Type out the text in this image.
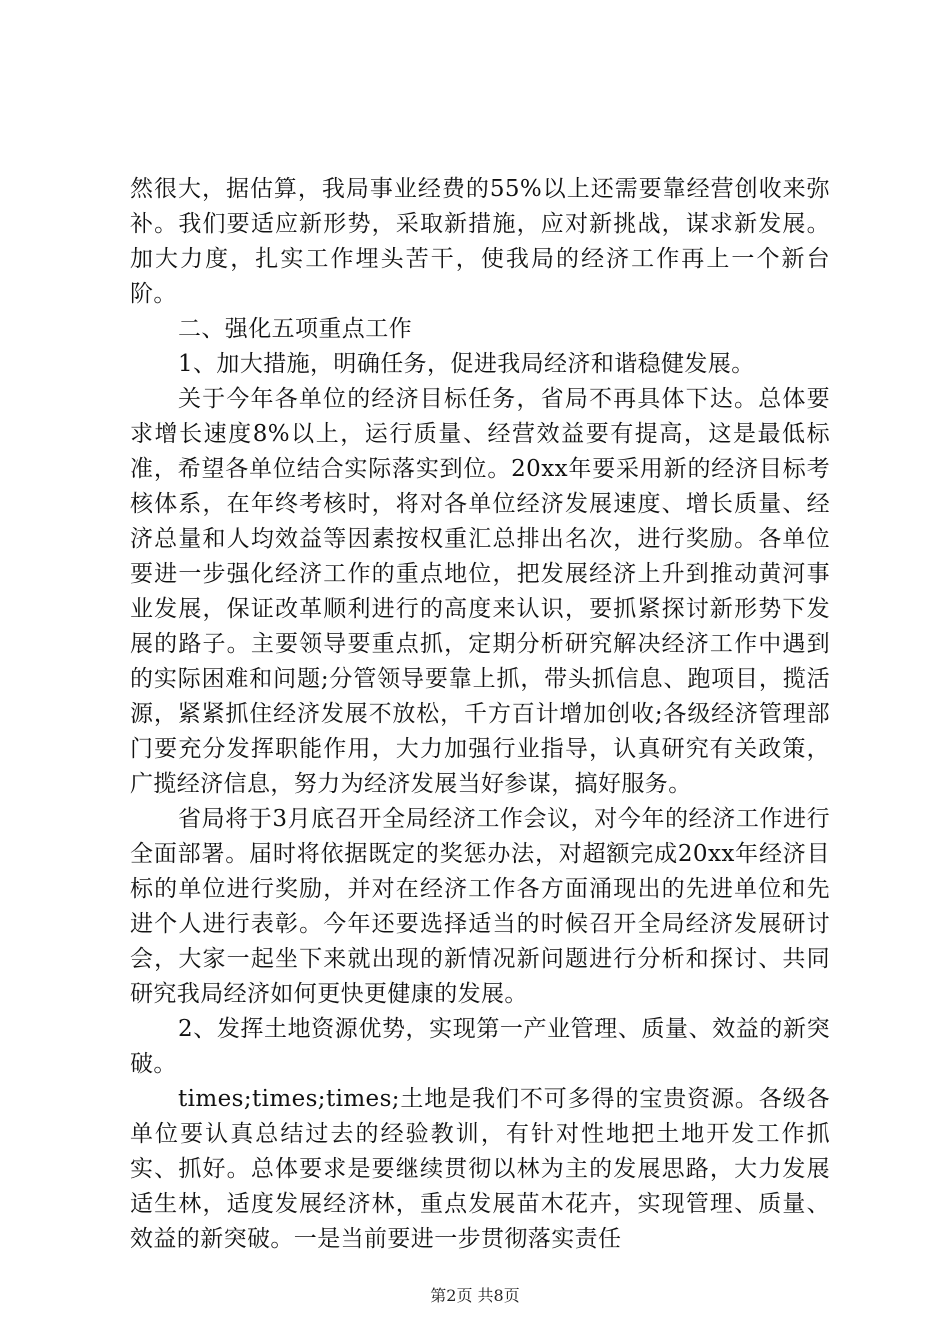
然很大，据估算，我局事业经费的55%以上还需要靠经营创收来弥补。我们要适应新形势，采取新措施，应对新挑战，谋求新发展。加大力度，扎实工作埋头苦干，使我局的经济工作再上一个新台阶。

二、强化五项重点工作

1、加大措施，明确任务，促进我局经济和谐稳健发展。

关于今年各单位的经济目标任务，省局不再具体下达。总体要求增长速度8%以上，运行质量、经营效益要有提高，这是最低标准，希望各单位结合实际落实到位。20xx年要采用新的经济目标考核体系，在年终考核时，将对各单位经济发展速度、增长质量、经济总量和人均效益等因素按权重汇总排出名次，进行奖励。各单位要进一步强化经济工作的重点地位，把发展经济上升到推动黄河事业发展，保证改革顺利进行的高度来认识，要抓紧探讨新形势下发展的路子。主要领导要重点抓，定期分析研究解决经济工作中遇到的实际困难和问题;分管领导要靠上抓，带头抓信息、跑项目，揽活源，紧紧抓住经济发展不放松，千方百计增加创收;各级经济管理部门要充分发挥职能作用，大力加强行业指导，认真研究有关政策，广揽经济信息，努力为经济发展当好参谋，搞好服务。

省局将于3月底召开全局经济工作会议，对今年的经济工作进行全面部署。届时将依据既定的奖惩办法，对超额完成20xx年经济目标的单位进行奖励，并对在经济工作各方面涌现出的先进单位和先进个人进行表彰。今年还要选择适当的时候召开全局经济发展研讨会，大家一起坐下来就出现的新情况新问题进行分析和探讨、共同研究我局经济如何更快更健康的发展。

2、发挥土地资源优势，实现第一产业管理、质量、效益的新突破。

times;times;times;土地是我们不可多得的宝贵资源。各级各单位要认真总结过去的经验教训，有针对性地把土地开发工作抓实、抓好。总体要求是要继续贯彻以林为主的发展思路，大力发展适生林，适度发展经济林，重点发展苗木花卉，实现管理、质量、效益的新突破。一是当前要进一步贯彻落实责任

第2页 共8页
